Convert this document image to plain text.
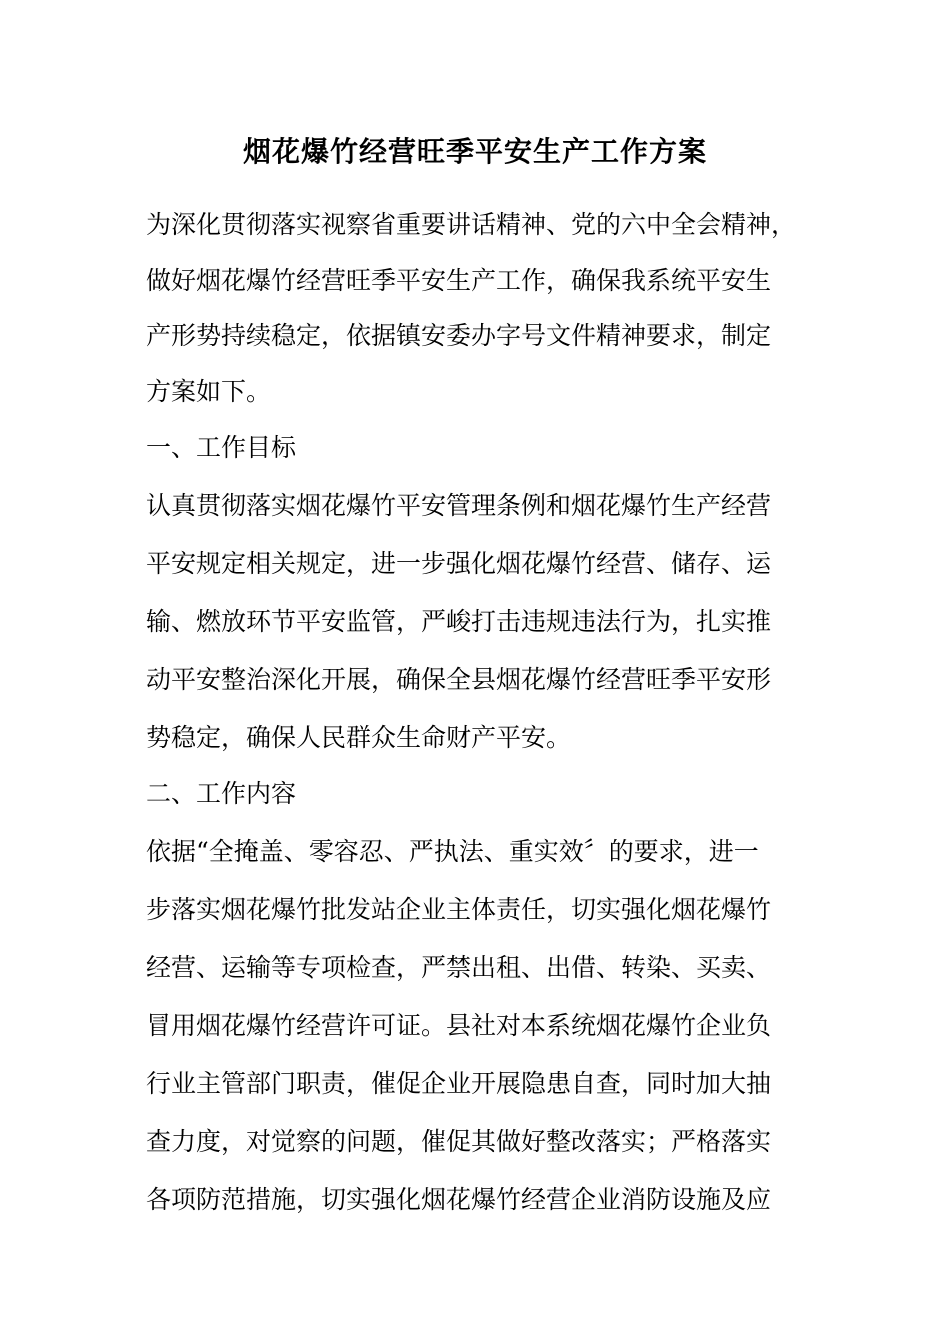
烟花爆竹经营旺季平安生产工作方案

为深化贯彻落实视察省重要讲话精神、党的六中全会精神，

做好烟花爆竹经营旺季平安生产工作，确保我系统平安生

产形势持续稳定，依据镇安委办字号文件精神要求，制定

方案如下。

一、工作目标

认真贯彻落实烟花爆竹平安管理条例和烟花爆竹生产经营

平安规定相关规定，进一步强化烟花爆竹经营、储存、运

输、燃放环节平安监管，严峻打击违规违法行为，扎实推

动平安整治深化开展，确保全县烟花爆竹经营旺季平安形

势稳定，确保人民群众生命财产平安。

二、工作内容

依据“全掩盖、零容忍、严执法、重实效〞的要求，进一

步落实烟花爆竹批发站企业主体责任，切实强化烟花爆竹

经营、运输等专项检查，严禁出租、出借、转染、买卖、

冒用烟花爆竹经营许可证。县社对本系统烟花爆竹企业负

行业主管部门职责，催促企业开展隐患自查，同时加大抽

查力度，对觉察的问题，催促其做好整改落实；严格落实

各项防范措施，切实强化烟花爆竹经营企业消防设施及应
